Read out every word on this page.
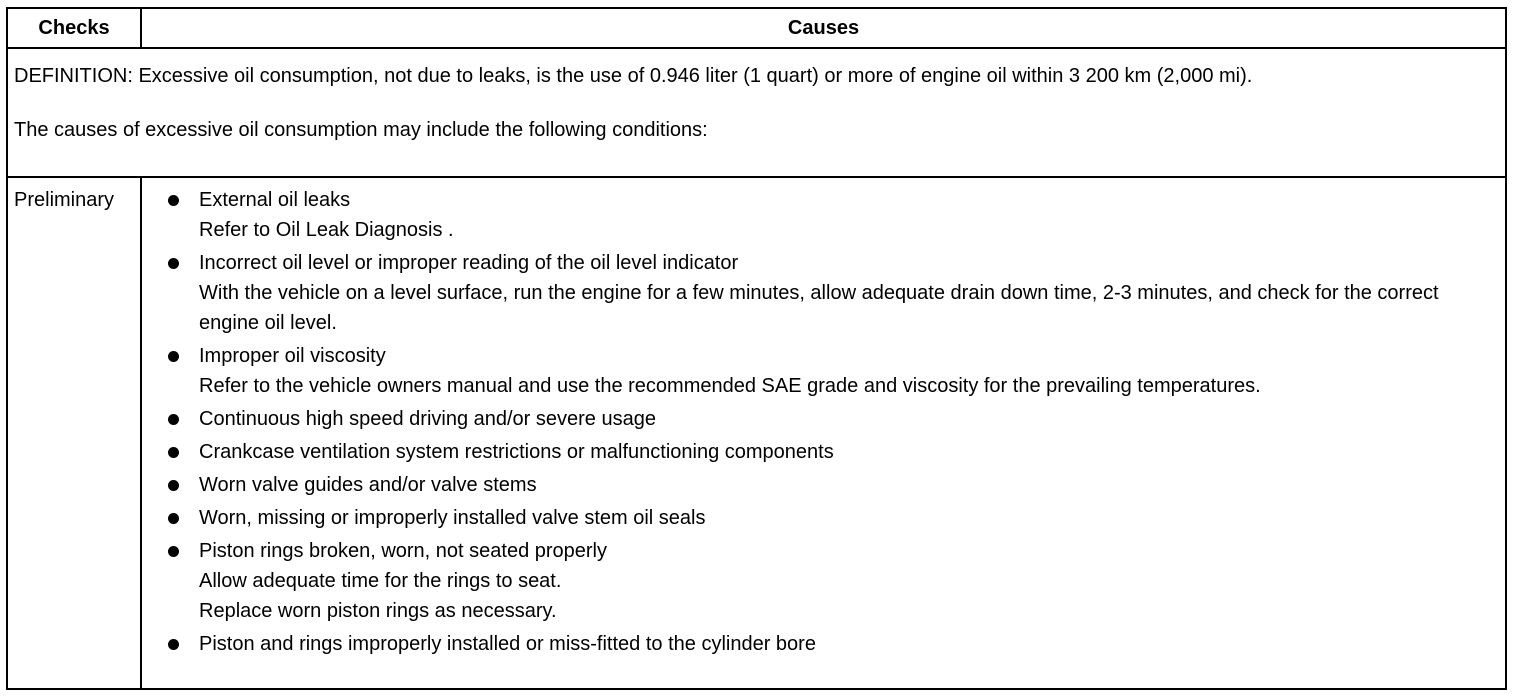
Checks	Causes

DEFINITION: Excessive oil consumption, not due to leaks, is the use of 0.946 liter (1 quart) or more of engine oil within 3 200 km (2,000 mi).

The causes of excessive oil consumption may include the following conditions:

Preliminary	External oil leaks
Refer to Oil Leak Diagnosis .
Incorrect oil level or improper reading of the oil level indicator
With the vehicle on a level surface, run the engine for a few minutes, allow adequate drain down time, 2-3 minutes, and check for the correct engine oil level.
Improper oil viscosity
Refer to the vehicle owners manual and use the recommended SAE grade and viscosity for the prevailing temperatures.
Continuous high speed driving and/or severe usage
Crankcase ventilation system restrictions or malfunctioning components
Worn valve guides and/or valve stems
Worn, missing or improperly installed valve stem oil seals
Piston rings broken, worn, not seated properly
Allow adequate time for the rings to seat.
Replace worn piston rings as necessary.
Piston and rings improperly installed or miss-fitted to the cylinder bore
